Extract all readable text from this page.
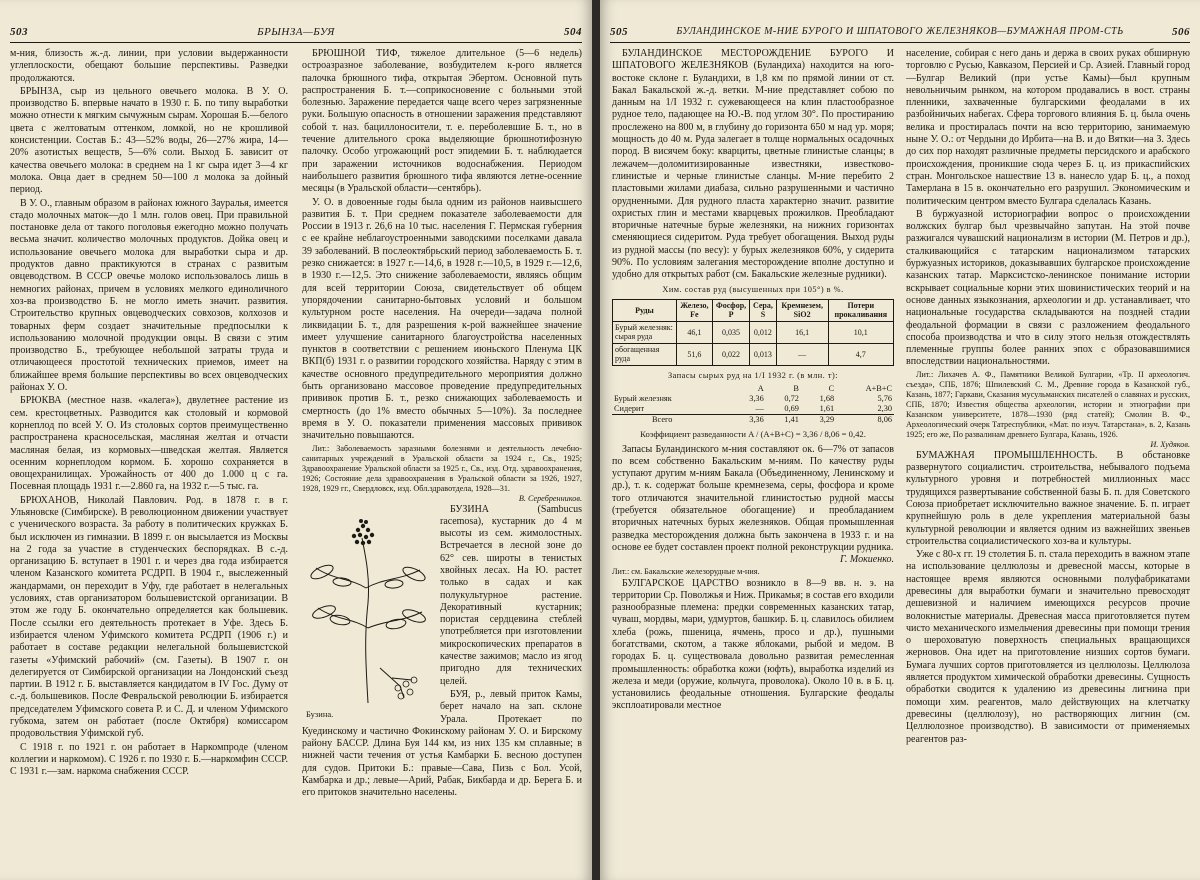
503	БРЫНЗА—БУЯ	504

м-ния, близость ж.-д. линии, при условии выдержанности углеплоскости, обещают большие перспективы. Разведки продолжаются.

БРЫНЗА, сыр из цельного овечьего молока. В У. О. производство Б. впервые начато в 1930 г. Б. по типу выработки можно отнести к мягким сычужным сырам. Хорошая Б.—белого цвета с желтоватым оттенком, ломкой, но не крошливой консистенции. Состав Б.: 43—52% воды, 26—27% жира, 14—20% азотистых веществ, 5—6% соли. Выход Б. зависит от качества овечьего молока: в среднем на 1 кг сыра идет 3—4 кг молока. Овца дает в среднем 50—100 л молока за дойный период.

В У. О., главным образом в районах южного Зауралья, имеется стадо молочных маток—до 1 млн. голов овец. При правильной постановке дела от такого поголовья ежегодно можно получать весьма значит. количество молочных продуктов. Дойка овец и использование овечьего молока для выработки сыра и др. продуктов давно практикуются в странах с развитым овцеводством. В СССР овечье молоко использовалось лишь в немногих районах, причем в условиях мелкого единоличного хоз-ва производство Б. не могло иметь значит. развития. Строительство крупных овцеводческих совхозов, колхозов и товарных ферм создает значительные предпосылки к использованию молочной продукции овцы. В связи с этим производство Б., требующее небольшой затраты труда и отличающееся простотой технических приемов, имеет на ближайшее время большие перспективы во всех овцеводческих районах У. О.

БРЮКВА (местное назв. «калега»), двулетнее растение из сем. крестоцветных. Разводится как столовый и кормовой корнеплод по всей У. О. Из столовых сортов преимущественно распространена красносельская, масляная желтая и отчасти масляная белая, из кормовых—шведская желтая. Является осенним корнеплодом кормом. Б. хорошо сохраняется в овощехранилищах. Урожайность от 400 до 1.000 ц с га. Посевная площадь 1931 г.—2.860 га, на 1932 г.—5 тыс. га.

БРЮХАНОВ, Николай Павлович. Род. в 1878 г. в г. Ульяновске (Симбирске). В революционном движении участвует с ученического возраста. За работу в политических кружках Б. был исключен из гимназии. В 1899 г. он высылается из Москвы на 2 года за участие в студенческих беспорядках. В с.-д. организацию Б. вступает в 1901 г. и через два года избирается членом Казанского комитета РСДРП. В 1904 г., выслеженный жандармами, он переходит в Уфу, где работает в нелегальных условиях, став организатором большевистской организации. В этом же году Б. окончательно определяется как большевик. После ссылки его деятельность протекает в Уфе. Здесь Б. избирается членом Уфимского комитета РСДРП (1906 г.) и работает в составе редакции нелегальной большевистской газеты «Уфимский рабочий» (см. Газеты). В 1907 г. он делегируется от Симбирской организации на Лондонский съезд партии. В 1912 г. Б. выставляется кандидатом в IV Гос. Думу от с.-д. большевиков. После Февральской революции Б. избирается председателем Уфимского совета Р. и С. Д. и членом Уфимского губкома, затем он работает (после Октября) комиссаром продовольствия Уфимской губ.

С 1918 г. по 1921 г. он работает в Наркомпроде (членом коллегии и наркомом). С 1926 г. по 1930 г. Б.—наркомфин СССР. С 1931 г.—зам. наркома снабжения СССР.

БРЮШНОЙ ТИФ, тяжелое длительное (5—6 недель) остроазразное заболевание, возбудителем к-рого является палочка брюшного тифа, открытая Эбертом. Основной путь распространения Б. т.—соприкосновение с больными этой болезнью. Заражение передается чаще всего через загрязненные руки. Большую опасность в отношении заражения представляют собой т. наз. бациллоносители, т. е. переболевшие Б. т., но в течение длительного срока выделяющие брюшнотифозную палочку. Особо угрожающий рост эпидемии Б. т. наблюдается при заражении источников водоснабжения. Периодом наибольшего развития брюшного тифа являются летне-осенние месяцы (в Уральской области—сентябрь).

У. О. в довоенные годы была одним из районов наивысшего развития Б. т. При среднем показателе заболеваемости для России в 1913 г. 26,6 на 10 тыс. населения Г. Пермская губерния с ее крайне неблагоустроенными заводскими поселками давала 39 заболеваний. В послеоктябрьский период заболеваемость Б. т. резко снижается: в 1927 г.—14,6, в 1928 г.—10,5, в 1929 г.—12,6, в 1930 г.—12,5. Это снижение заболеваемости, являясь общим для всей территории Союза, свидетельствует об общем упорядочении санитарно-бытовых условий и большом культурном росте населения. На очереди—задача полной ликвидации Б. т., для разрешения к-рой важнейшее значение имеет улучшение санитарного благоустройства населенных пунктов в соответствии с решением июньского Пленума ЦК ВКП(б) 1931 г. о развитии городского хозяйства. Наряду с этим в качестве основного предупредительного мероприятия должно быть организовано массовое проведение предупредительных прививок против Б. т., резко снижающих заболеваемость и смертность (до 1% вместо обычных 5—10%). За последнее время в У. О. показатели применения массовых прививок значительно повышаются.

Лит.: Заболеваемость заразными болезнями и деятельность лечебно-санитарных учреждений в Уральской области за 1924 г., Св., 1925; Здравоохранение Уральской области за 1925 г., Св., изд. Отд. здравоохранения, 1926; Состояние дела здравоохранения в Уральской области за 1926, 1927, 1928, 1929 гг., Свердловск, изд. Обл.здравотдела, 1928—31.

В. Серебренников.
Бузина.

БУЗИНА (Sambucus racemosa), кустарник до 4 м высоты из сем. жимолостных. Встречается в лесной зоне до 62° сев. широты в тенистых хвойных лесах. На Ю. растет только в садах и как полукультурное растение. Декоративный кустарник; пористая сердцевина стеблей употребляется при изготовлении микроскопических препаратов в качестве зажимов; масло из ягод пригодно для технических целей.

БУЯ, р., левый приток Камы, берет начало на зап. склоне Урала. Протекает по Куединскому и частично Фокинскому районам У. О. и Бирскому району БАССР. Длина Буя 144 км, из них 135 км сплавные; в нижней части течения от устья Камбарки Б. весною доступен для судов. Притоки Б.: правые—Сава, Пизь с Бол. Усой, Камбарка и др.; левые—Арий, Рабак, Бикбарда и др. Берега Б. и его притоков значительно населены.

505	БУЛАНДИНСКОЕ М-НИЕ БУРОГО И ШПАТОВОГО ЖЕЛЕЗНЯКОВ—БУМАЖНАЯ ПРОМ-СТЬ	506

БУЛАНДИНСКОЕ МЕСТОРОЖДЕНИЕ БУРОГО И ШПАТОВОГО ЖЕЛЕЗНЯКОВ (Буландиха) находится на юго-востоке склоне г. Буландихи, в 1,8 км по прямой линии от ст. Бакал Бакальской ж.-д. ветки. М-ние представляет собою по данным на 1/I 1932 г. сужевающееся на клин пластообразное рудное тело, падающее на Ю.-В. под углом 30°. По простиранию прослежено на 800 м, в глубину до горизонта 650 м над ур. моря; мощность до 40 м. Руда залегает в толще нормальных осадочных пород. В висячем боку: кварциты, цветные глинистые сланцы; в лежачем—доломитизированные известняки, известково-глинистые и черные глинистые сланцы. М-ние перебито 2 пластовыми жилами диабаза, сильно разрушенными и частично орудненными. Для рудного пласта характерно значит. развитие охристых глин и местами кварцевых прожилков. Преобладают вторичные натечные бурые железняки, на нижних горизонтах сменяющиеся сидеритом. Руда требует обогащения. Выход руды из рудной массы (по весу): у бурых железняков 60%, у сидерита 90%. По условиям залегания месторождение вполне доступно и удобно для открытых работ (см. Бакальские железные рудники).

Хим. состав руд (высушенных при 105°) в %.
Руды	Железо, Fe	Фосфор, P	Сера, S	Кремнезем, SiO2	Потери прокаливания
Бурый железняк: сырая руда	46,1	0,035	0,012	16,1	10,1
обогащенная руда	51,6	0,022	0,013	—	4,7
Запасы сырых руд на 1/I 1932 г. (в млн. т):
	A	B	C	A+B+C
Бурый железняк	3,36	0,72	1,68	5,76
Сидерит	—	0,69	1,61	2,30
Всего	3,36	1,41	3,29	8,06
Коэффициент разведанности A / (A+B+C) = 3,36 / 8,06 = 0,42.

Запасы Буландинского м-ния составляют ок. 6—7% от запасов по всем собственно Бакальским м-ниям. По качеству руды уступают другим м-ниям Бакала (Объединенному, Ленинскому и др.), т. к. содержат больше кремнезема, серы, фосфора и кроме того отличаются значительной глинистостью рудной массы (требуется обязательное обогащение) и преобладанием вторичных натечных бурых железняков. Общая промышленная разведка месторождения должна быть закончена в 1933 г. и на основе ее будет составлен проект полной реконструкции рудника.

Г. Мокиенко.

Лит.: см. Бакальские железорудные м-ния.

БУЛГАРСКОЕ ЦАРСТВО возникло в 8—9 вв. н. э. на территории Ср. Поволжья и Ниж. Прикамья; в состав его входили разнообразные племена: предки современных казанских татар, чуваш, мордвы, мари, удмуртов, башкир. Б. ц. славилось обилием хлеба (рожь, пшеница, ячмень, просо и др.), пушными богатствами, скотом, а также яблоками, рыбой и медом. В городах Б. ц. существовала довольно развитая ремесленная промышленность: обработка кожи (юфть), выработка изделий из железа и меди (оружие, кольчуга, проволока). Около 10 в. в Б. ц. установились феодальные отношения. Булгарские феодалы эксплоатировали местное

население, собирая с него дань и держа в своих руках обширную торговлю с Русью, Кавказом, Персией и Ср. Азией. Главный город—Булгар Великий (при устье Камы)—был крупным невольничьим рынком, на котором продавались в вост. страны пленники, захваченные булгарскими феодалами в их разбойничьих набегах. Сфера торгового влияния Б. ц. была очень велика и простиралась почти на всю территорию, занимаемую ныне У. О.: от Чердыни до Ирбита—на В. и до Вятки—на З. Здесь до сих пор находят различные предметы персидского и арабского происхождения, проникшие сюда через Б. ц. из прикаспийских стран. Монгольское нашествие 13 в. нанесло удар Б. ц., а поход Тамерлана в 15 в. окончательно его разрушил. Экономическим и политическим центром вместо Булгара сделалась Казань.

В буржуазной историографии вопрос о происхождении волжских булгар был чрезвычайно запутан. На этой почве разжигался чувашский национализм в истории (М. Петров и др.), сталкивающийся с татарским национализмом татарских буржуазных историков, доказывавших булгарское происхождение казанских татар. Марксистско-ленинское понимание истории вскрывает социальные корни этих шовинистических теорий и на основе данных языкознания, археологии и др. устанавливает, что национальные государства складываются на поздней стадии феодальной формации в связи с разложением феодального способа производства и что в силу этого нельзя отождествлять племенные группы более ранних эпох с образовавшимися впоследствии национальностями.

Лит.: Лихачев А. Ф., Памятники Великой Булгарии, «Тр. II археологич. съезда», СПБ, 1876; Шпилевский С. М., Древние города в Казанской губ., Казань, 1877; Гаркави, Сказания мусульманских писателей о славянах и русских, СПБ, 1870; Известия общества археологии, истории и этнографии при Казанском университете, 1878—1930 (ряд статей); Смолин В. Ф., Археологический очерк Татреспублики, «Мат. по изуч. Татарстана», в. 2, Казань 1925; его же, По развалинам древнего Булгара, Казань, 1926.

И. Худяков.

БУМАЖНАЯ ПРОМЫШЛЕННОСТЬ. В обстановке развернутого социалистич. строительства, небывалого подъема культурного уровня и потребностей миллионных масс трудящихся развертывание собственной базы Б. п. для Советского Союза приобретает исключительно важное значение. Б. п. играет крупнейшую роль в деле укрепления материальной базы культурной революции и является одним из важнейших звеньев строительства социалистического хоз-ва и культуры.

Уже с 80-х гг. 19 столетия Б. п. стала переходить в важном этапе на использование целлюлозы и древесной массы, которые в настоящее время являются основными полуфабрикатами древесины для выработки бумаги и значительно превосходят дешевизной и наличием имеющихся ресурсов прочие волокнистые материалы. Древесная масса приготовляется путем чисто механического измельчения древесины при помощи трения о шероховатую поверхность специальных вращающихся жерновов. Она идет на приготовление низших сортов бумаги. Бумага лучших сортов приготовляется из целлюлозы. Целлюлоза является продуктом химической обработки древесины. Сущность обработки сводится к удалению из древесины лигнина при помощи хим. реагентов, мало действующих на клетчатку древесины (целлюлозу), но растворяющих лигнин (см. Целлюлозное производство). В зависимости от применяемых реагентов раз-
